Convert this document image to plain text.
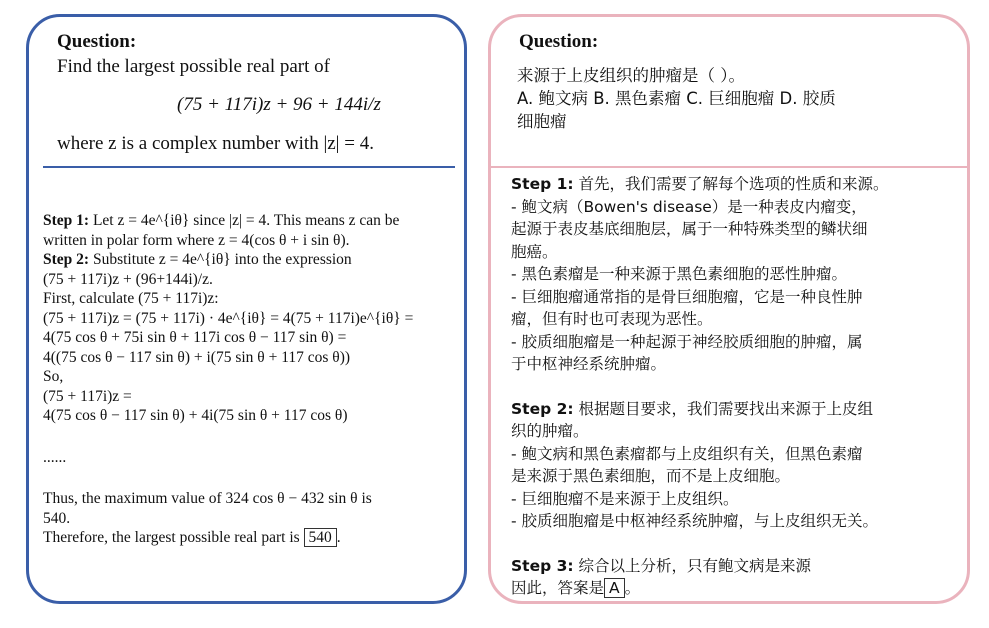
Question:
Find the largest possible real part of
(75 + 117i)z + 96 + 144i/z
where z is a complex number with |z| = 4.

Step 1: Let z = 4e^{iθ} since |z| = 4. This means z can be

written in polar form where z = 4(cos θ + i sin θ).

Step 2: Substitute z = 4e^{iθ} into the expression

(75 + 117i)z + (96+144i)/z.

First, calculate (75 + 117i)z:

(75 + 117i)z = (75 + 117i) · 4e^{iθ} = 4(75 + 117i)e^{iθ} =

4(75 cos θ + 75i sin θ + 117i cos θ − 117 sin θ) =

4((75 cos θ − 117 sin θ) + i(75 sin θ + 117 cos θ))

So,

(75 + 117i)z =

4(75 cos θ − 117 sin θ) + 4i(75 sin θ + 117 cos θ)

......

Thus, the maximum value of 324 cos θ − 432 sin θ is

540.

Therefore, the largest possible real part is 540 .

Question:

来源于上皮组织的肿瘤是（ ）。

A. 鲍文病 B. 黑色素瘤 C. 巨细胞瘤 D. 胶质

细胞瘤

Step 1: 首先，我们需要了解每个选项的性质和来源。

- 鲍文病（Bowen's disease）是一种表皮内瘤变，

起源于表皮基底细胞层，属于一种特殊类型的鳞状细

胞癌。

- 黑色素瘤是一种来源于黑色素细胞的恶性肿瘤。

- 巨细胞瘤通常指的是骨巨细胞瘤，它是一种良性肿

瘤，但有时也可表现为恶性。

- 胶质细胞瘤是一种起源于神经胶质细胞的肿瘤，属

于中枢神经系统肿瘤。

Step 2: 根据题目要求，我们需要找出来源于上皮组

织的肿瘤。

- 鲍文病和黑色素瘤都与上皮组织有关，但黑色素瘤

是来源于黑色素细胞，而不是上皮细胞。

- 巨细胞瘤不是来源于上皮组织。

- 胶质细胞瘤是中枢神经系统肿瘤，与上皮组织无关。

Step 3: 综合以上分析，只有鲍文病是来源

因此，答案是 A 。
